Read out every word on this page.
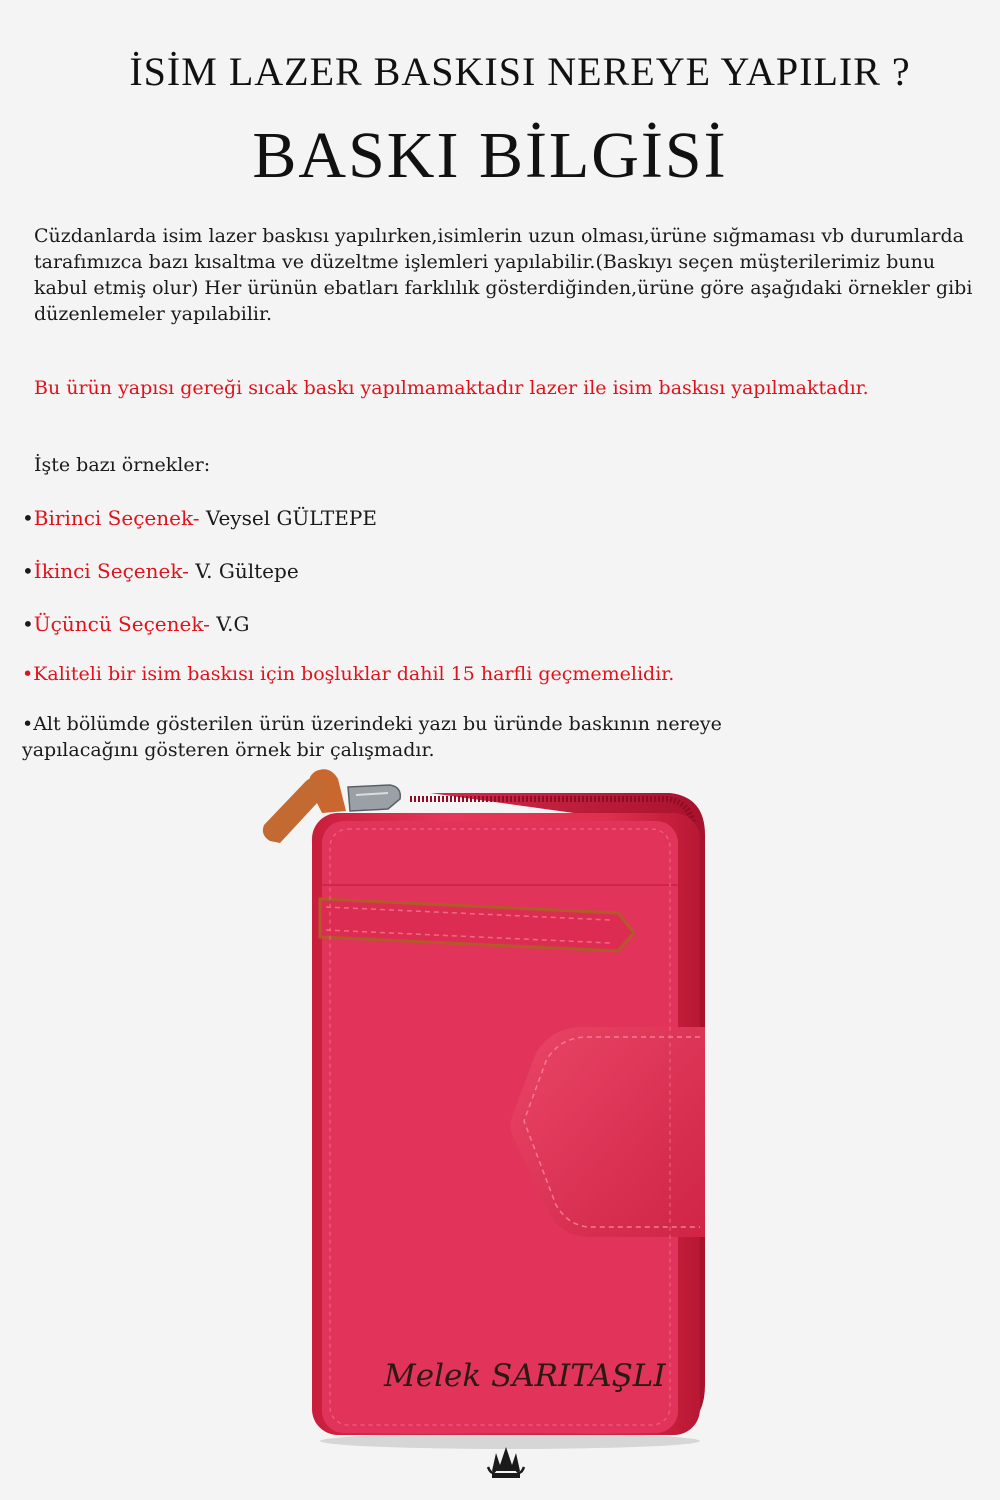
İSİM LAZER BASKISI NEREYE YAPILIR ?
BASKI BİLGİSİ
Cüzdanlarda isim lazer baskısı yapılırken,isimlerin uzun olması,ürüne sığmaması vb durumlarda tarafımızca bazı kısaltma ve düzeltme işlemleri yapılabilir.(Baskıyı seçen müşterilerimiz bunu kabul etmiş olur) Her ürünün ebatları farklılık gösterdiğinden,ürüne göre aşağıdaki örnekler gibi düzenlemeler yapılabilir.
Bu ürün yapısı gereği sıcak baskı yapılmamaktadır lazer ile isim baskısı yapılmaktadır.
İşte bazı örnekler:
•Birinci Seçenek- Veysel GÜLTEPE
•İkinci Seçenek- V. Gültepe
•Üçüncü Seçenek- V.G
•Kaliteli bir isim baskısı için boşluklar dahil 15 harfli geçmemelidir.
•Alt bölümde gösterilen ürün üzerindeki yazı bu üründe baskının nereye yapılacağını gösteren örnek bir çalışmadır.
Melek SARITAŞLI
